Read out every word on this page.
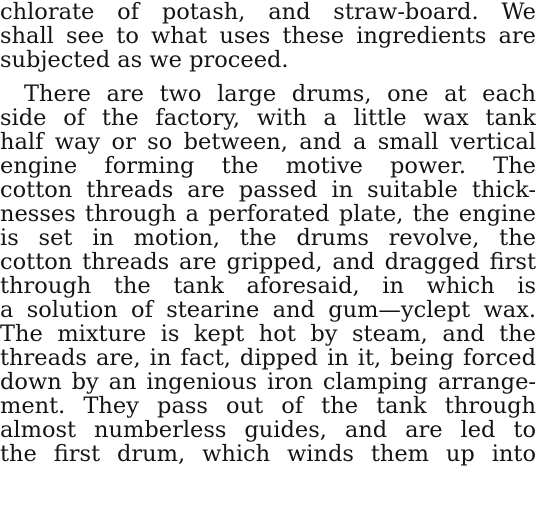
chlorate of potash, and straw-board. We
shall see to what uses these ingredients are
subjected as we proceed.
There are two large drums, one at each
side of the factory, with a little wax tank
half way or so between, and a small vertical
engine forming the motive power. The
cotton threads are passed in suitable thick-
nesses through a perforated plate, the engine
is set in motion, the drums revolve, the
cotton threads are gripped, and dragged first
through the tank aforesaid, in which is
a solution of stearine and gum—yclept wax.
The mixture is kept hot by steam, and the
threads are, in fact, dipped in it, being forced
down by an ingenious iron clamping arrange-
ment. They pass out of the tank through
almost numberless guides, and are led to
the first drum, which winds them up into
